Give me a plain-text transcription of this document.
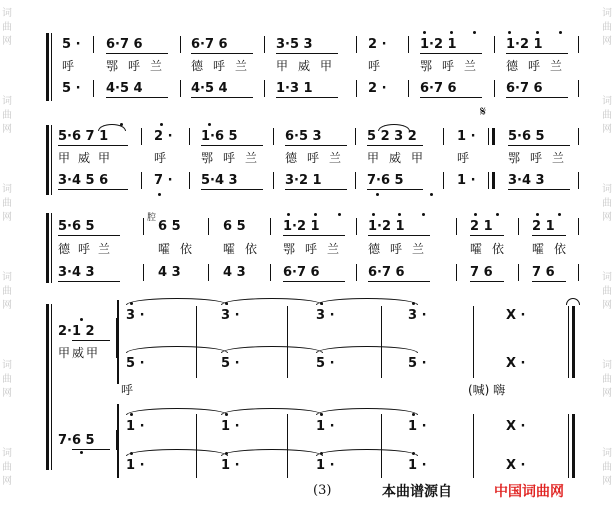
词
曲
网
词
曲
网
词
曲
网
词
曲
网
词
曲
网
词
曲
网
词
曲
网
词
曲
网
词
曲
网
词
曲
网
词
曲
网
词
曲
网
5 · 6·7 6	6·7 6	3·5 3	2 ·	1·2 1	1·2 1
呼	鄂呼兰 德呼兰 甲威甲 呼	鄂呼兰 德呼兰
5 · 4·5 4	4·5 4	1·3 1	2 ·	6·7 6	6·7 6
𝄋
5·6 7 1	2 · 1·6 5	6·5 3	5 2 3 2	1 · 5·6 5
甲威甲	呼	鄂呼兰 德呼兰 甲威甲 呼	鄂呼兰
3·4 5 6	7 · 5·4 3	3·2 1	7·6 5	1 · 3·4 3
腔
5·6 5	6 5	6 5	1·2 1	1·2 1	2 1	2 1
德呼兰	嚯依 嚯依 鄂呼兰 德呼兰	嚯依 嚯依
3·4 3	4 3	4 3	6·7 6	6·7 6	7 6	7 6
2·1 2
甲威甲
呼
3 ·	3 ·	3 ·	3 ·	X ·
5 ·	5 ·	5 ·	5 ·	X ·
(喊) 嗨
7·6 5
1 ·	1 ·	1 ·	1 ·	X ·
1 ·	1 ·	1 ·	1 ·	X ·
(3)	本曲谱源自	中国词曲网
